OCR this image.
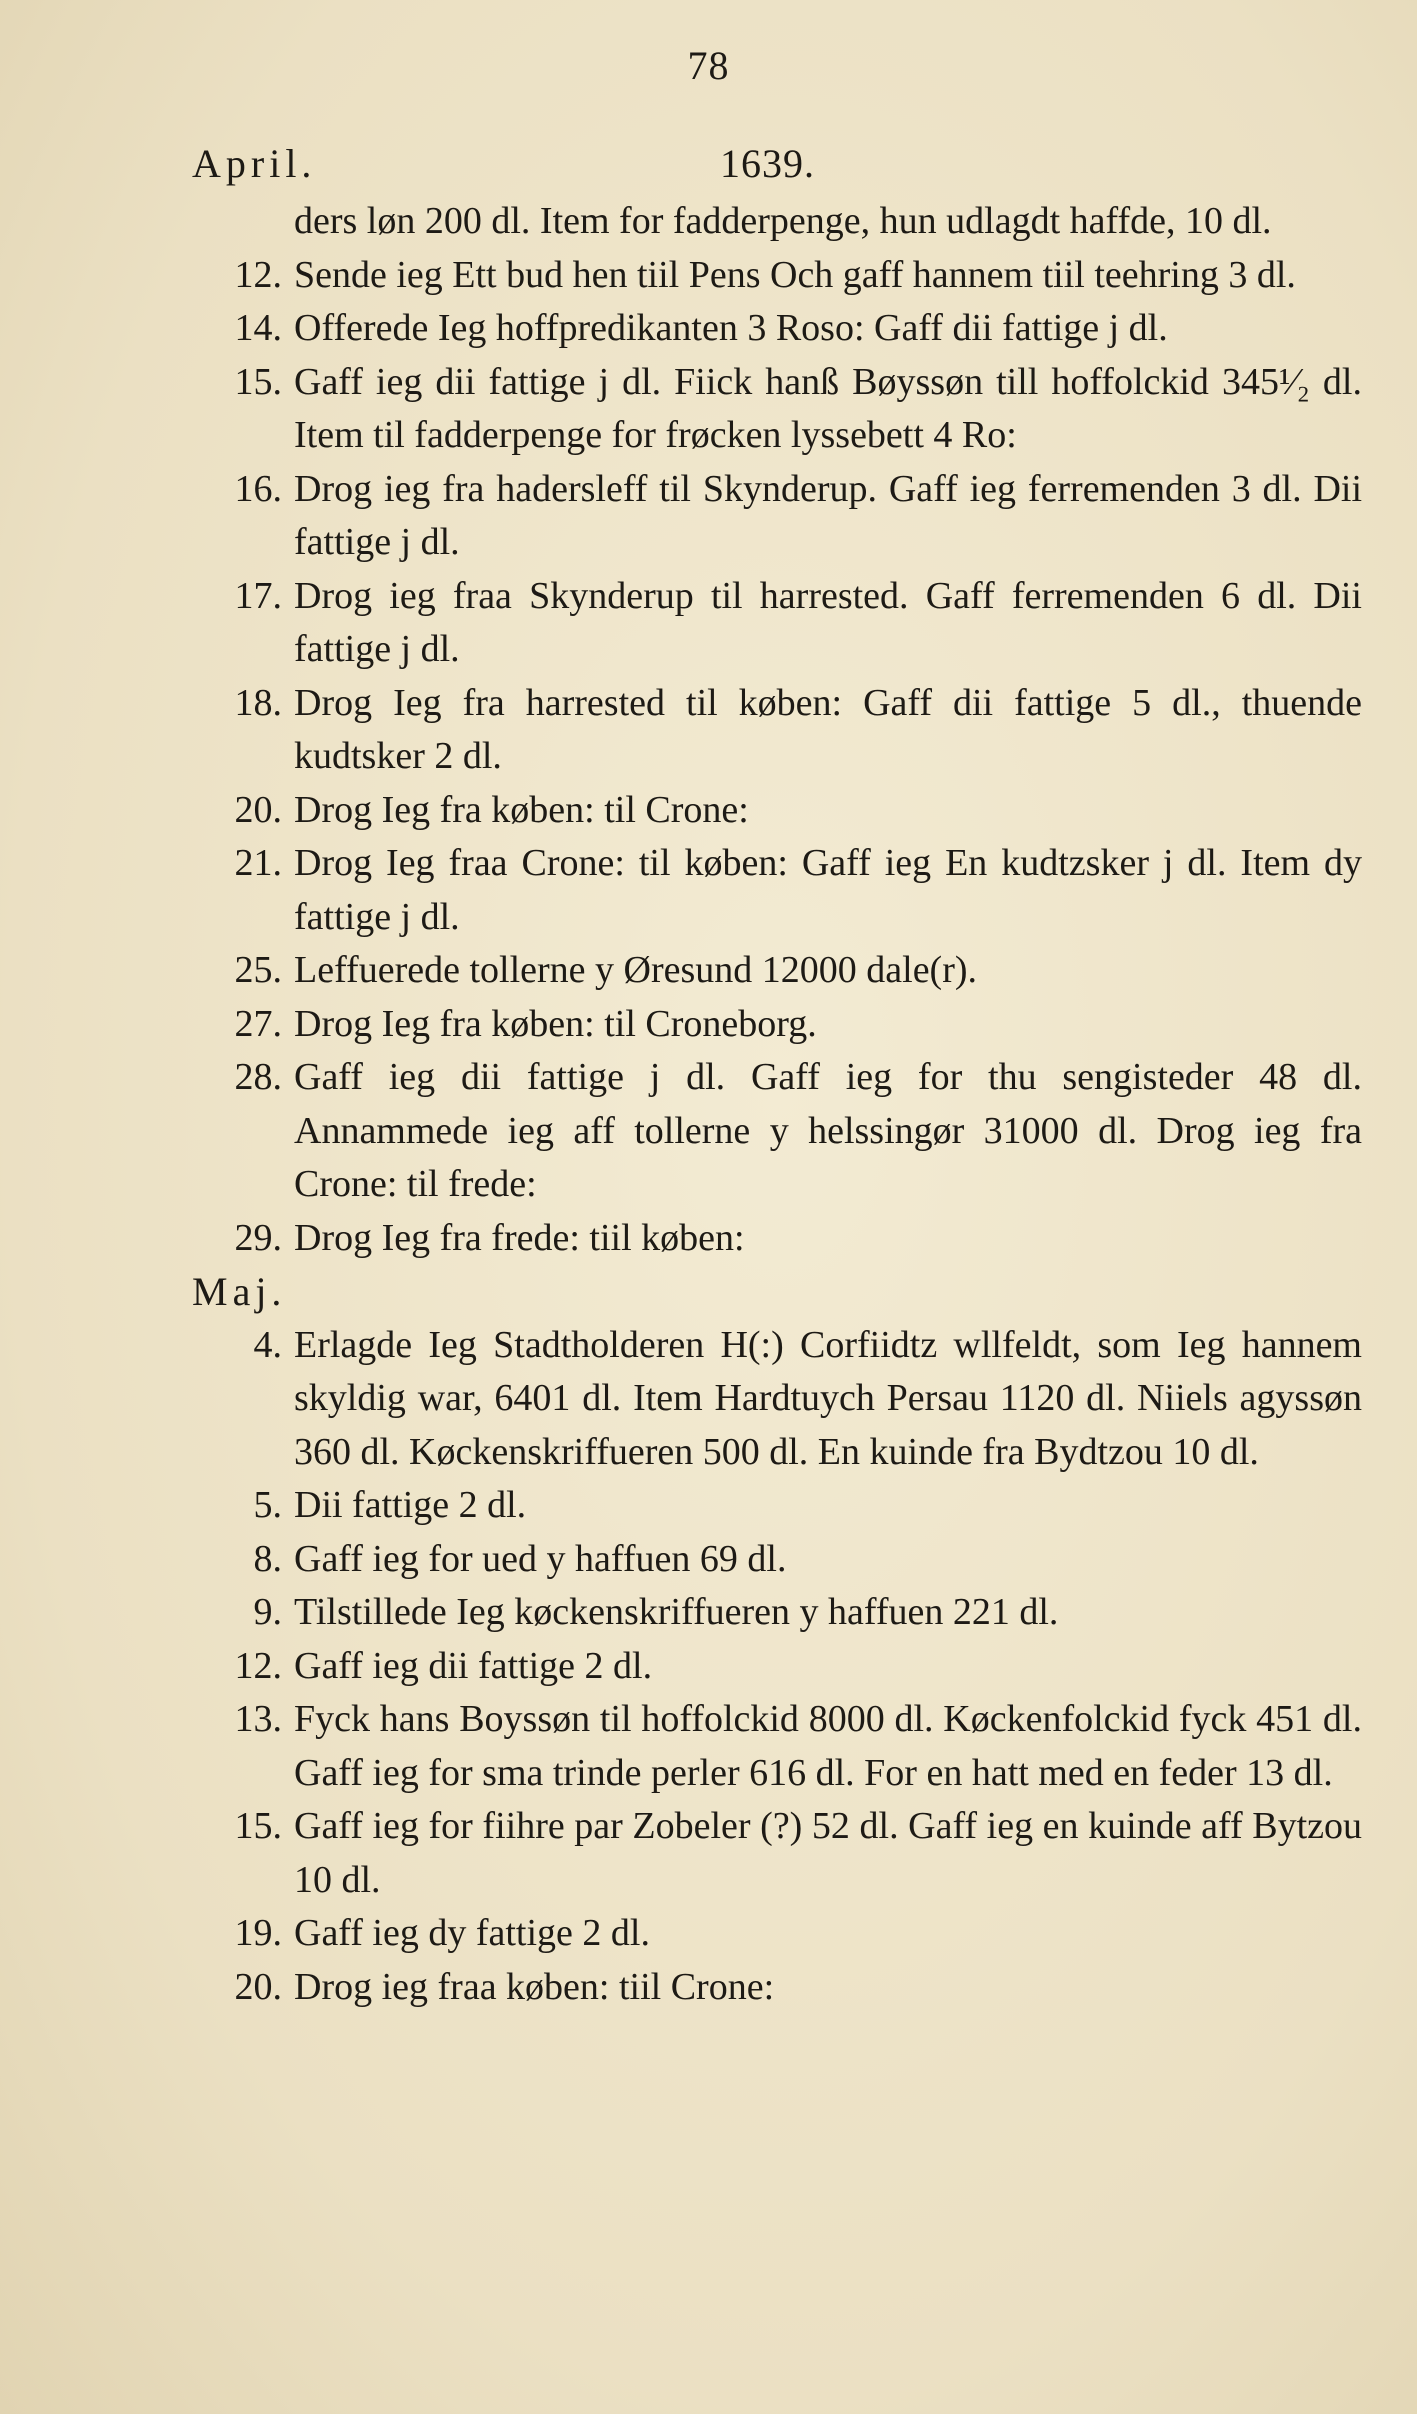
78
April.	1639.
ders løn 200 dl. Item for fadderpenge, hun udlagdt haffde, 10 dl.
12. Sende ieg Ett bud hen tiil Pens Och gaff hannem tiil teehring 3 dl.
14. Offerede Ieg hoffpredikanten 3 Roso: Gaff dii fattige j dl.
15. Gaff ieg dii fattige j dl. Fiick hanß Bøyssøn till hoffolckid 345¹⁄₂ dl. Item til fadderpenge for frøcken lyssebett 4 Ro:
16. Drog ieg fra hadersleff til Skynderup. Gaff ieg ferremenden 3 dl. Dii fattige j dl.
17. Drog ieg fraa Skynderup til harrested. Gaff ferremenden 6 dl. Dii fattige j dl.
18. Drog Ieg fra harrested til køben: Gaff dii fattige 5 dl., thuende kudtsker 2 dl.
20. Drog Ieg fra køben: til Crone:
21. Drog Ieg fraa Crone: til køben: Gaff ieg En kudtzsker j dl. Item dy fattige j dl.
25. Leffuerede tollerne y Øresund 12000 dale(r).
27. Drog Ieg fra køben: til Croneborg.
28. Gaff ieg dii fattige j dl. Gaff ieg for thu sengisteder 48 dl. Annammede ieg aff tollerne y helssingør 31000 dl. Drog ieg fra Crone: til frede:
29. Drog Ieg fra frede: tiil køben:
Maj.
4. Erlagde Ieg Stadtholderen H(:) Corfiidtz wllfeldt, som Ieg hannem skyldig war, 6401 dl. Item Hardtuych Persau 1120 dl. Niiels agyssøn 360 dl. Køckenskriffueren 500 dl. En kuinde fra Bydtzou 10 dl.
5. Dii fattige 2 dl.
8. Gaff ieg for ued y haffuen 69 dl.
9. Tilstillede Ieg køckenskriffueren y haffuen 221 dl.
12. Gaff ieg dii fattige 2 dl.
13. Fyck hans Boyssøn til hoffolckid 8000 dl. Køckenfolckid fyck 451 dl. Gaff ieg for sma trinde perler 616 dl. For en hatt med en feder 13 dl.
15. Gaff ieg for fiihre par Zobeler (?) 52 dl. Gaff ieg en kuinde aff Bytzou 10 dl.
19. Gaff ieg dy fattige 2 dl.
20. Drog ieg fraa køben: tiil Crone:
